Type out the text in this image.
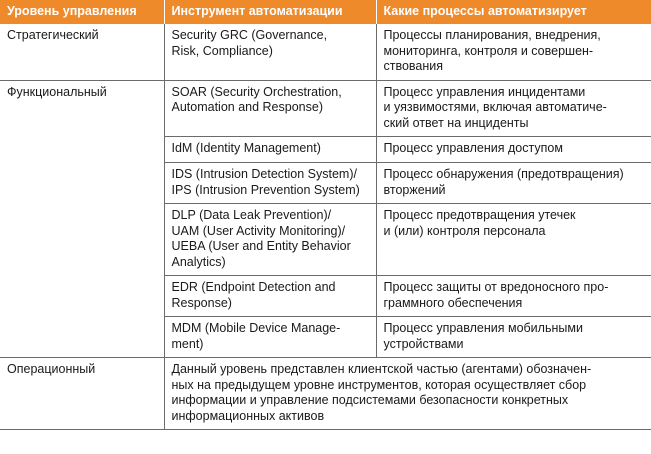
Уровень управления	Инструмент автоматизации	Какие процессы автоматизирует
Стратегический	Security GRC (Governance,
Risk, Compliance)	Процессы планирования, внедрения,
мониторинга, контроля и совершен-
ствования
Функциональный	SOAR (Security Orchestration,
Automation and Response)	Процесс управления инцидентами
и уязвимостями, включая автоматиче-
ский ответ на инциденты
	IdM (Identity Management)	Процесс управления доступом
	IDS (Intrusion Detection System)/
IPS (Intrusion Prevention System)	Процесс обнаружения (предотвращения)
вторжений
	DLP (Data Leak Prevention)/
UAM (User Activity Monitoring)/
UEBA (User and Entity Behavior
Analytics)	Процесс предотвращения утечек
и (или) контроля персонала
	EDR (Endpoint Detection and
Response)	Процесс защиты от вредоносного про-
граммного обеспечения
	MDM (Mobile Device Manage-
ment)	Процесс управления мобильными
устройствами
Операционный	Данный уровень представлен клиентской частью (агентами) обозначен-
ных на предыдущем уровне инструментов, которая осуществляет сбор
информации и управление подсистемами безопасности конкретных
информационных активов	
